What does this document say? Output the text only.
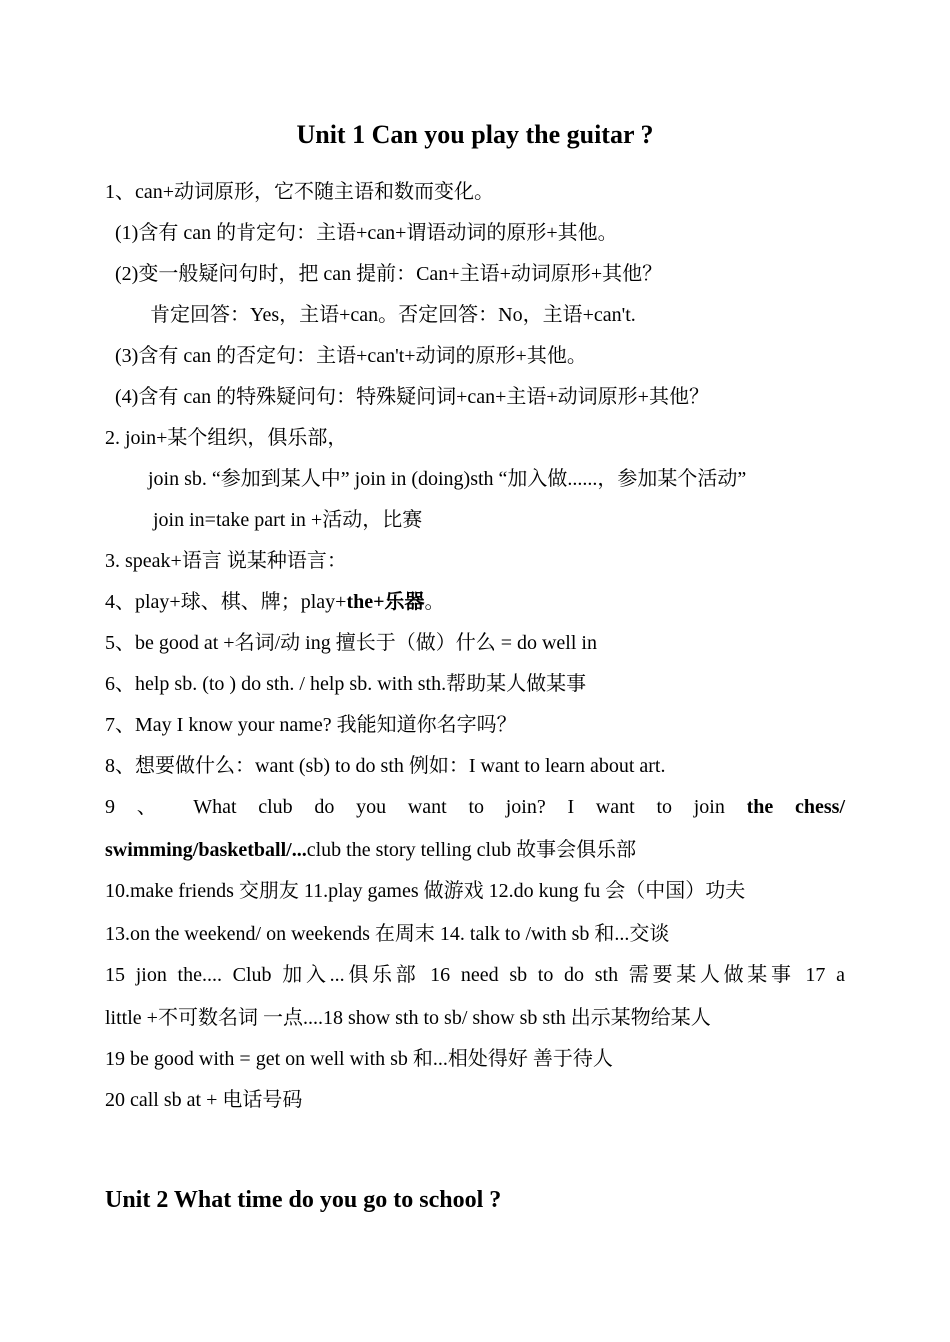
Unit 1 Can you play the guitar ?
1、can+动词原形，它不随主语和数而变化。
(1)含有 can 的肯定句：主语+can+谓语动词的原形+其他。
(2)变一般疑问句时，把 can 提前：Can+主语+动词原形+其他？
肯定回答：Yes，主语+can。否定回答：No，主语+can't.
(3)含有 can 的否定句：主语+can't+动词的原形+其他。
(4)含有 can 的特殊疑问句：特殊疑问词+can+主语+动词原形+其他？
2. join+某个组织，俱乐部，
join sb. “参加到某人中” join in (doing)sth “加入做......，参加某个活动”
join in=take part in +活动，比赛
3. speak+语言 说某种语言：
4、play+球、棋、牌；play+the+乐器。
5、be good at +名词/动 ing 擅长于（做）什么 = do well in
6、help sb. (to ) do sth. / help sb. with sth.帮助某人做某事
7、May I know your name? 我能知道你名字吗？
8、想要做什么：want (sb) to do sth 例如：I want to learn about art.
9 、 What club do you want to join? I want to join the chess/
swimming/basketball/...club the story telling club 故事会俱乐部
10.make friends 交朋友 11.play games 做游戏 12.do kung fu 会（中国）功夫
13.on the weekend/ on weekends 在周末 14. talk to /with sb 和...交谈
15 jion the.... Club 加入...俱乐部 16 need sb to do sth 需要某人做某事 17 a
little +不可数名词 一点....18 show sth to sb/ show sb sth 出示某物给某人
19 be good with = get on well with sb 和...相处得好 善于待人
20 call sb at + 电话号码
Unit 2 What time do you go to school ?
